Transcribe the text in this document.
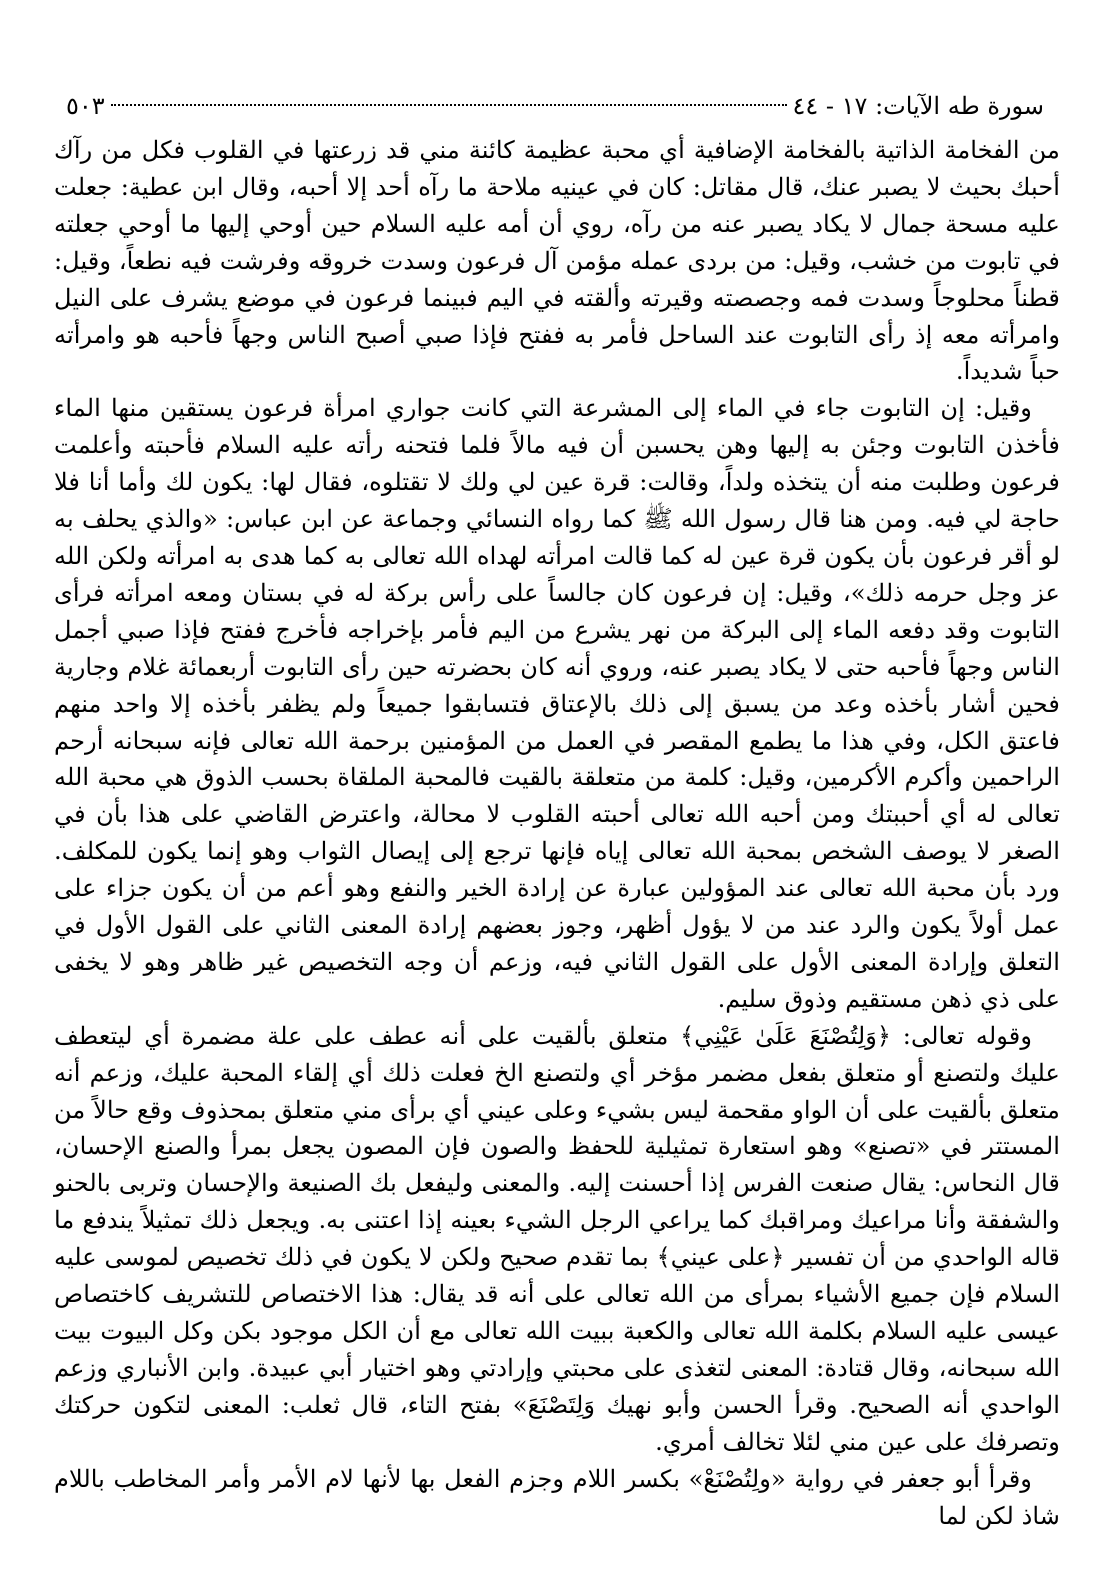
سورة طه الآيات: ١٧ - ٤٤
٥٠٣

من الفخامة الذاتية بالفخامة الإضافية أي محبة عظيمة كائنة مني قد زرعتها في القلوب فكل من رآك أحبك بحيث لا يصبر عنك، قال مقاتل: كان في عينيه ملاحة ما رآه أحد إلا أحبه، وقال ابن عطية: جعلت عليه مسحة جمال لا يكاد يصبر عنه من رآه، روي أن أمه عليه السلام حين أوحي إليها ما أوحي جعلته في تابوت من خشب، وقيل: من بردى عمله مؤمن آل فرعون وسدت خروقه وفرشت فيه نطعاً، وقيل: قطناً محلوجاً وسدت فمه وجصصته وقيرته وألقته في اليم فبينما فرعون في موضع يشرف على النيل وامرأته معه إذ رأى التابوت عند الساحل فأمر به ففتح فإذا صبي أصبح الناس وجهاً فأحبه هو وامرأته حباً شديداً.

وقيل: إن التابوت جاء في الماء إلى المشرعة التي كانت جواري امرأة فرعون يستقين منها الماء فأخذن التابوت وجئن به إليها وهن يحسبن أن فيه مالاً فلما فتحنه رأته عليه السلام فأحبته وأعلمت فرعون وطلبت منه أن يتخذه ولداً، وقالت: قرة عين لي ولك لا تقتلوه، فقال لها: يكون لك وأما أنا فلا حاجة لي فيه. ومن هنا قال رسول الله ﷺ كما رواه النسائي وجماعة عن ابن عباس: «والذي يحلف به لو أقر فرعون بأن يكون قرة عين له كما قالت امرأته لهداه الله تعالى به كما هدى به امرأته ولكن الله عز وجل حرمه ذلك»، وقيل: إن فرعون كان جالساً على رأس بركة له في بستان ومعه امرأته فرأى التابوت وقد دفعه الماء إلى البركة من نهر يشرع من اليم فأمر بإخراجه فأخرج ففتح فإذا صبي أجمل الناس وجهاً فأحبه حتى لا يكاد يصبر عنه، وروي أنه كان بحضرته حين رأى التابوت أربعمائة غلام وجارية فحين أشار بأخذه وعد من يسبق إلى ذلك بالإعتاق فتسابقوا جميعاً ولم يظفر بأخذه إلا واحد منهم فاعتق الكل، وفي هذا ما يطمع المقصر في العمل من المؤمنين برحمة الله تعالى فإنه سبحانه أرحم الراحمين وأكرم الأكرمين، وقيل: كلمة من متعلقة بالقيت فالمحبة الملقاة بحسب الذوق هي محبة الله تعالى له أي أحببتك ومن أحبه الله تعالى أحبته القلوب لا محالة، واعترض القاضي على هذا بأن في الصغر لا يوصف الشخص بمحبة الله تعالى إياه فإنها ترجع إلى إيصال الثواب وهو إنما يكون للمكلف. ورد بأن محبة الله تعالى عند المؤولين عبارة عن إرادة الخير والنفع وهو أعم من أن يكون جزاء على عمل أولاً يكون والرد عند من لا يؤول أظهر، وجوز بعضهم إرادة المعنى الثاني على القول الأول في التعلق وإرادة المعنى الأول على القول الثاني فيه، وزعم أن وجه التخصيص غير ظاهر وهو لا يخفى على ذي ذهن مستقيم وذوق سليم.

وقوله تعالى: ﴿وَلِتُصْنَعَ عَلَىٰ عَيْنِي﴾ متعلق بألقيت على أنه عطف على علة مضمرة أي ليتعطف عليك ولتصنع أو متعلق بفعل مضمر مؤخر أي ولتصنع الخ فعلت ذلك أي إلقاء المحبة عليك، وزعم أنه متعلق بألقيت على أن الواو مقحمة ليس بشيء وعلى عيني أي برأى مني متعلق بمحذوف وقع حالاً من المستتر في «تصنع» وهو استعارة تمثيلية للحفظ والصون فإن المصون يجعل بمرأ والصنع الإحسان، قال النحاس: يقال صنعت الفرس إذا أحسنت إليه. والمعنى وليفعل بك الصنيعة والإحسان وتربى بالحنو والشفقة وأنا مراعيك ومراقبك كما يراعي الرجل الشيء بعينه إذا اعتنى به. ويجعل ذلك تمثيلاً يندفع ما قاله الواحدي من أن تفسير ﴿على عيني﴾ بما تقدم صحيح ولكن لا يكون في ذلك تخصيص لموسى عليه السلام فإن جميع الأشياء بمرأى من الله تعالى على أنه قد يقال: هذا الاختصاص للتشريف كاختصاص عيسى عليه السلام بكلمة الله تعالى والكعبة ببيت الله تعالى مع أن الكل موجود بكن وكل البيوت بيت الله سبحانه، وقال قتادة: المعنى لتغذى على محبتي وإرادتي وهو اختيار أبي عبيدة. وابن الأنباري وزعم الواحدي أنه الصحيح. وقرأ الحسن وأبو نهيك وَلِتَصْنَعَ» بفتح التاء، قال ثعلب: المعنى لتكون حركتك وتصرفك على عين مني لئلا تخالف أمري.

وقرأ أبو جعفر في رواية «ولِتُصْنَعْ» بكسر اللام وجزم الفعل بها لأنها لام الأمر وأمر المخاطب باللام شاذ لكن لما
